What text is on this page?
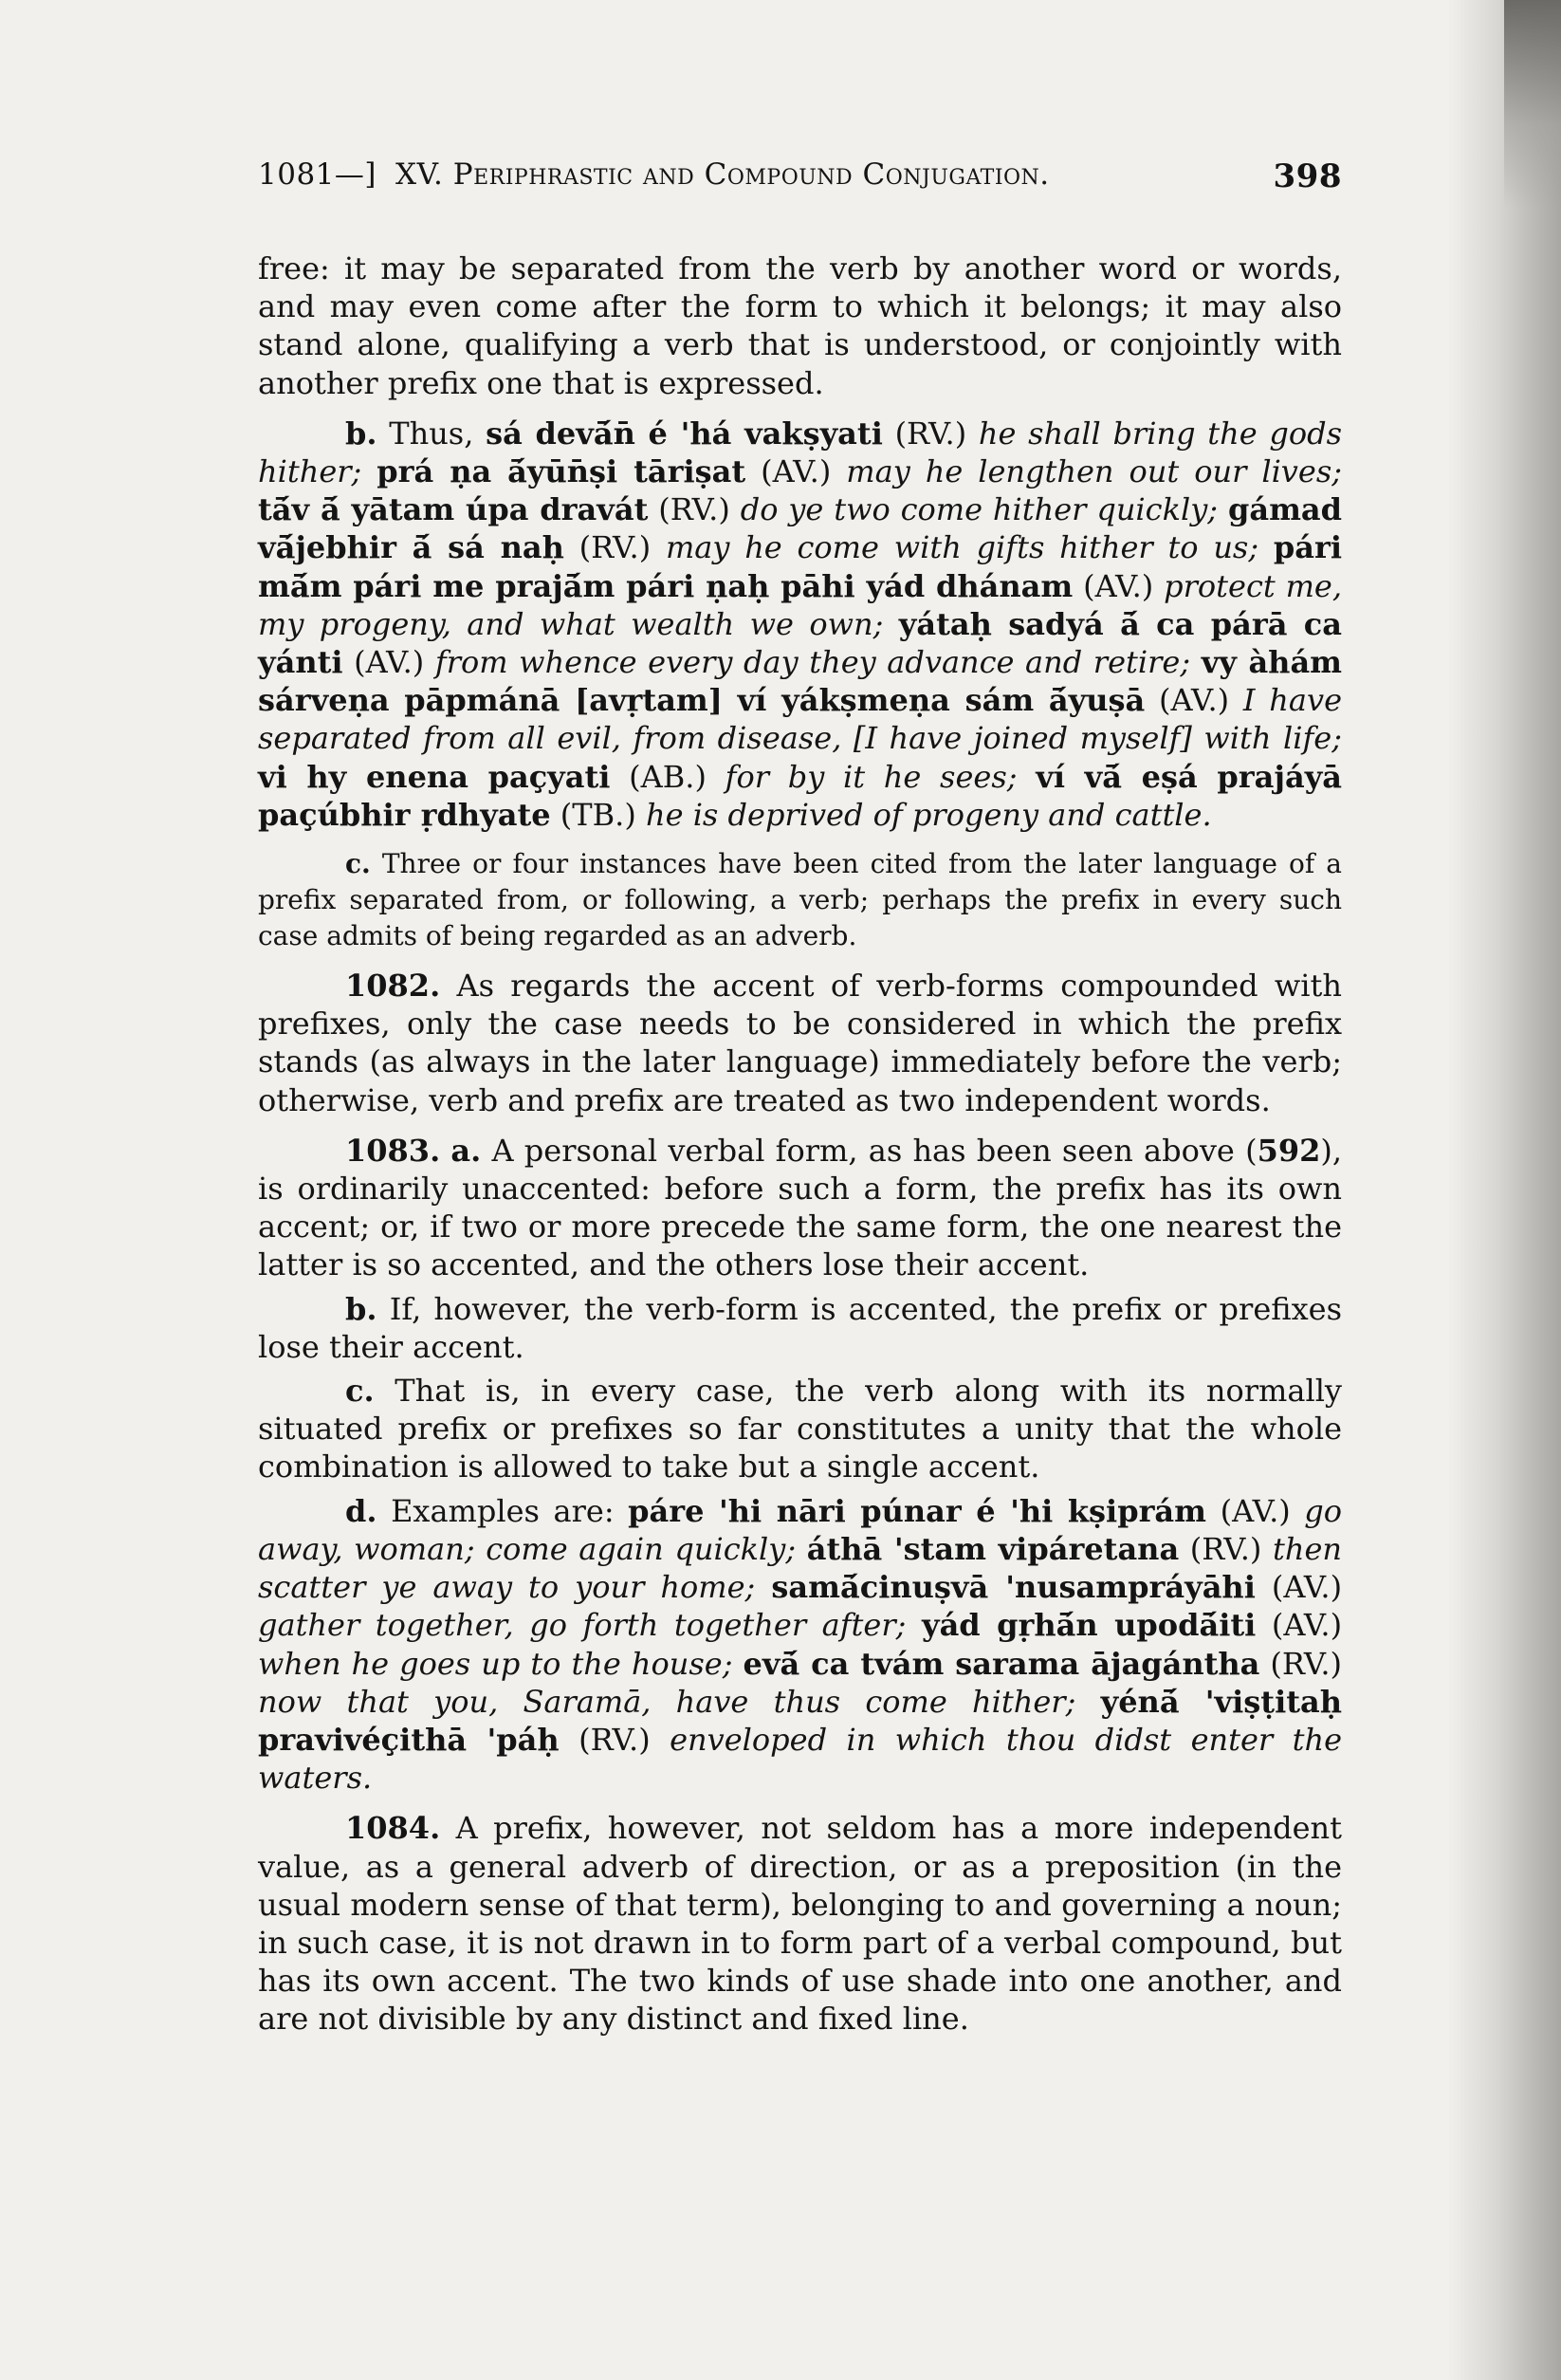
1081—] XV. Periphrastic and Compound Conjugation.	398

free: it may be separated from the verb by another word or words, and may even come after the form to which it belongs; it may also stand alone, qualifying a verb that is understood, or conjointly with another prefix one that is expressed.

b. Thus, sá devā́n̄ é 'há vakṣyati (RV.) he shall bring the gods hither; prá ṇa ā́yūn̄ṣi tāriṣat (AV.) may he lengthen out our lives; tā́v ā́ yātam úpa dravát (RV.) do ye two come hither quickly; gámad vā́jebhir ā́ sá naḥ (RV.) may he come with gifts hither to us; pári mā́m pári me prajā́m pári ṇaḥ pāhi yád dhánam (AV.) protect me, my progeny, and what wealth we own; yátaḥ sadyá ā́ ca párā ca yánti (AV.) from whence every day they advance and retire; vy àhám sárveṇa pāpmánā [avṛtam] ví yákṣmeṇa sám ā́yuṣā (AV.) I have separated from all evil, from disease, [I have joined myself] with life; vi hy enena paçyati (AB.) for by it he sees; ví vā́ eṣá prajáyā paçúbhir ṛdhyate (TB.) he is deprived of progeny and cattle.

c. Three or four instances have been cited from the later language of a prefix separated from, or following, a verb; perhaps the prefix in every such case admits of being regarded as an adverb.

1082. As regards the accent of verb-forms compounded with prefixes, only the case needs to be considered in which the prefix stands (as always in the later language) immediately before the verb; otherwise, verb and prefix are treated as two independent words.

1083. a. A personal verbal form, as has been seen above (592), is ordinarily unaccented: before such a form, the prefix has its own accent; or, if two or more precede the same form, the one nearest the latter is so accented, and the others lose their accent.

b. If, however, the verb-form is accented, the prefix or prefixes lose their accent.

c. That is, in every case, the verb along with its normally situated prefix or prefixes so far constitutes a unity that the whole combination is allowed to take but a single accent.

d. Examples are: páre 'hi nāri púnar é 'hi kṣiprám (AV.) go away, woman; come again quickly; áthā 'stam vipáretana (RV.) then scatter ye away to your home; samā́cinuṣvā 'nusampráyāhi (AV.) gather together, go forth together after; yád gṛhā́n upodā́iti (AV.) when he goes up to the house; evā́ ca tvám sarama ājagántha (RV.) now that you, Saramā, have thus come hither; yénā́ 'viṣṭitaḥ pravivéçithā 'páḥ (RV.) enveloped in which thou didst enter the waters.

1084. A prefix, however, not seldom has a more independent value, as a general adverb of direction, or as a preposition (in the usual modern sense of that term), belonging to and governing a noun; in such case, it is not drawn in to form part of a verbal compound, but has its own accent. The two kinds of use shade into one another, and are not divisible by any distinct and fixed line.
